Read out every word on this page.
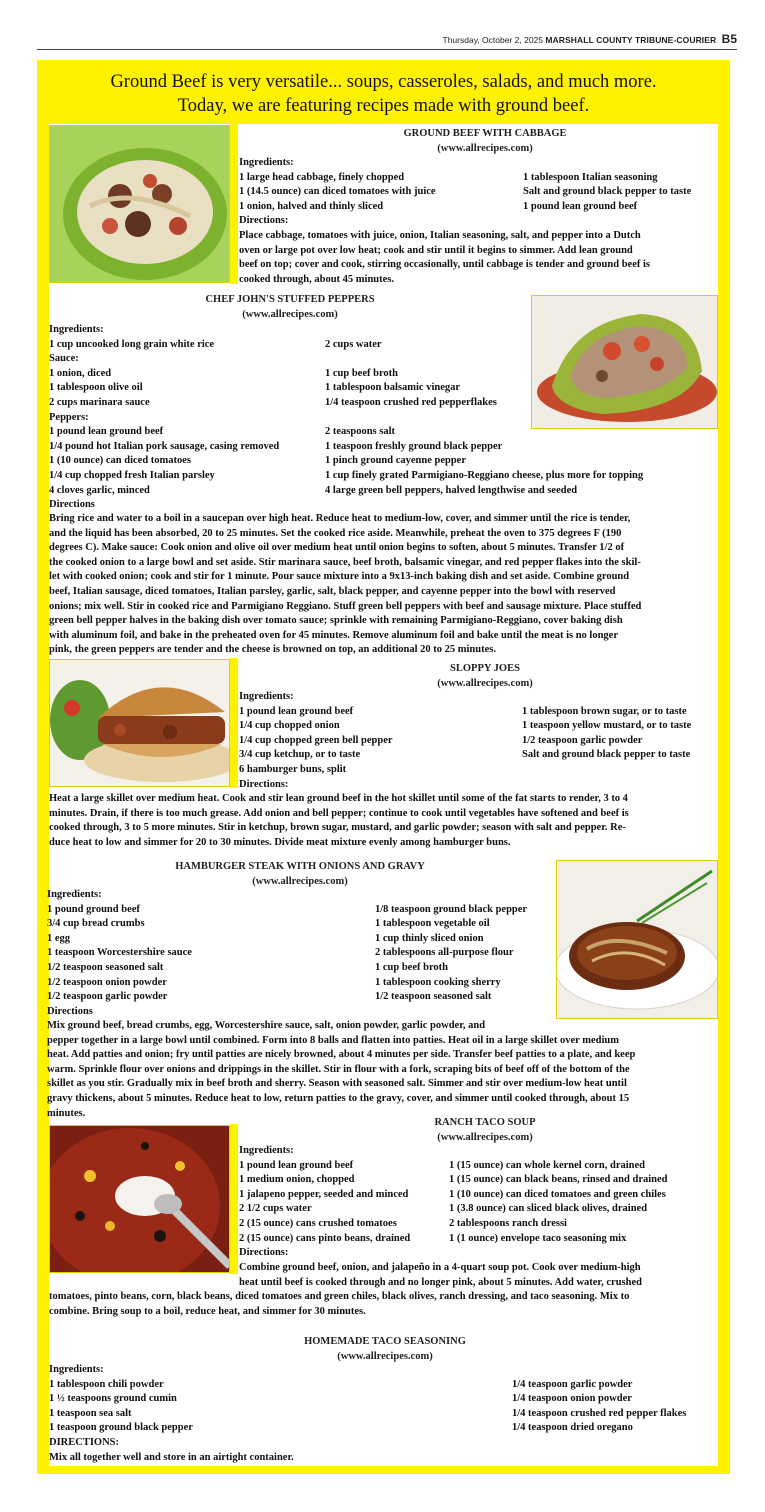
Thursday, October 2, 2025 MARSHALL COUNTY TRIBUNE-COURIER B5
Ground Beef is very versatile... soups, casseroles, salads, and much more.
Today, we are featuring recipes made with ground beef.
GROUND BEEF WITH CABBAGE
(www.allrecipes.com)
Ingredients:
1 large head cabbage, finely chopped
1 (14.5 ounce) can diced tomatoes with juice
1 onion, halved and thinly sliced
Directions:
1 tablespoon Italian seasoning
Salt and ground black pepper to taste
1 pound lean ground beef
Place cabbage, tomatoes with juice, onion, Italian seasoning, salt, and pepper into a Dutch
oven or large pot over low heat; cook and stir until it begins to simmer. Add lean ground
beef on top; cover and cook, stirring occasionally, until cabbage is tender and ground beef is
cooked through, about 45 minutes.
CHEF JOHN'S STUFFED PEPPERS
(www.allrecipes.com)
Ingredients:
1 cup uncooked long grain white rice
Sauce:
1 onion, diced
1 tablespoon olive oil
2 cups marinara sauce
Peppers:
1 pound lean ground beef
1/4 pound hot Italian pork sausage, casing removed
1 (10 ounce) can diced tomatoes
1/4 cup chopped fresh Italian parsley
4 cloves garlic, minced
Directions

2 cups water

1 cup beef broth
1 tablespoon balsamic vinegar
1/4 teaspoon crushed red pepperflakes

2 teaspoons salt
1 teaspoon freshly ground black pepper
1 pinch ground cayenne pepper
1 cup finely grated Parmigiano-Reggiano cheese, plus more for topping
4 large green bell peppers, halved lengthwise and seeded
Bring rice and water to a boil in a saucepan over high heat. Reduce heat to medium-low, cover, and simmer until the rice is tender,
and the liquid has been absorbed, 20 to 25 minutes. Set the cooked rice aside. Meanwhile, preheat the oven to 375 degrees F (190
degrees C). Make sauce: Cook onion and olive oil over medium heat until onion begins to soften, about 5 minutes. Transfer 1/2 of
the cooked onion to a large bowl and set aside. Stir marinara sauce, beef broth, balsamic vinegar, and red pepper flakes into the skil-
let with cooked onion; cook and stir for 1 minute. Pour sauce mixture into a 9x13-inch baking dish and set aside. Combine ground
beef, Italian sausage, diced tomatoes, Italian parsley, garlic, salt, black pepper, and cayenne pepper into the bowl with reserved
onions; mix well. Stir in cooked rice and Parmigiano Reggiano. Stuff green bell peppers with beef and sausage mixture. Place stuffed
green bell pepper halves in the baking dish over tomato sauce; sprinkle with remaining Parmigiano-Reggiano, cover baking dish
with aluminum foil, and bake in the preheated oven for 45 minutes. Remove aluminum foil and bake until the meat is no longer
pink, the green peppers are tender and the cheese is browned on top, an additional 20 to 25 minutes.
SLOPPY JOES
(www.allrecipes.com)
Ingredients:
1 pound lean ground beef
1/4 cup chopped onion
1/4 cup chopped green bell pepper
3/4 cup ketchup, or to taste
6 hamburger buns, split
Directions:

1 tablespoon brown sugar, or to taste
1 teaspoon yellow mustard, or to taste
1/2 teaspoon garlic powder
Salt and ground black pepper to taste
Heat a large skillet over medium heat. Cook and stir lean ground beef in the hot skillet until some of the fat starts to render, 3 to 4
minutes. Drain, if there is too much grease. Add onion and bell pepper; continue to cook until vegetables have softened and beef is
cooked through, 3 to 5 more minutes. Stir in ketchup, brown sugar, mustard, and garlic powder; season with salt and pepper. Re-
duce heat to low and simmer for 20 to 30 minutes. Divide meat mixture evenly among hamburger buns.
HAMBURGER STEAK WITH ONIONS AND GRAVY
(www.allrecipes.com)
Ingredients:
1 pound ground beef
3/4 cup bread crumbs
1 egg
1 teaspoon Worcestershire sauce
1/2 teaspoon seasoned salt
1/2 teaspoon onion powder
1/2 teaspoon garlic powder
Directions

1/8 teaspoon ground black pepper
1 tablespoon vegetable oil
1 cup thinly sliced onion
2 tablespoons all-purpose flour
1 cup beef broth
1 tablespoon cooking sherry
1/2 teaspoon seasoned salt
Mix ground beef, bread crumbs, egg, Worcestershire sauce, salt, onion powder, garlic powder, and
pepper together in a large bowl until combined. Form into 8 balls and flatten into patties. Heat oil in a large skillet over medium
heat. Add patties and onion; fry until patties are nicely browned, about 4 minutes per side. Transfer beef patties to a plate, and keep
warm. Sprinkle flour over onions and drippings in the skillet. Stir in flour with a fork, scraping bits of beef off of the bottom of the
skillet as you stir. Gradually mix in beef broth and sherry. Season with seasoned salt. Simmer and stir over medium-low heat until
gravy thickens, about 5 minutes. Reduce heat to low, return patties to the gravy, cover, and simmer until cooked through, about 15
minutes.
RANCH TACO SOUP
(www.allrecipes.com)
Ingredients:
1 pound lean ground beef
1 medium onion, chopped
1 jalapeno pepper, seeded and minced
2 1/2 cups water
2 (15 ounce) cans crushed tomatoes
2 (15 ounce) cans pinto beans, drained
Directions:

1 (15 ounce) can whole kernel corn, drained
1 (15 ounce) can black beans, rinsed and drained
1 (10 ounce) can diced tomatoes and green chiles
1 (3.8 ounce) can sliced black olives, drained
2 tablespoons ranch dressi
1 (1 ounce) envelope taco seasoning mix
Combine ground beef, onion, and jalapeño in a 4-quart soup pot. Cook over medium-high
heat until beef is cooked through and no longer pink, about 5 minutes. Add water, crushed
tomatoes, pinto beans, corn, black beans, diced tomatoes and green chiles, black olives, ranch dressing, and taco seasoning. Mix to
combine. Bring soup to a boil, reduce heat, and simmer for 30 minutes.
HOMEMADE TACO SEASONING
(www.allrecipes.com)
Ingredients:
1 tablespoon chili powder
1 ½ teaspoons ground cumin
1 teaspoon sea salt
1 teaspoon ground black pepper
DIRECTIONS:
Mix all together well and store in an airtight container.

1/4 teaspoon garlic powder
1/4 teaspoon onion powder
1/4 teaspoon crushed red pepper flakes
1/4 teaspoon dried oregano
